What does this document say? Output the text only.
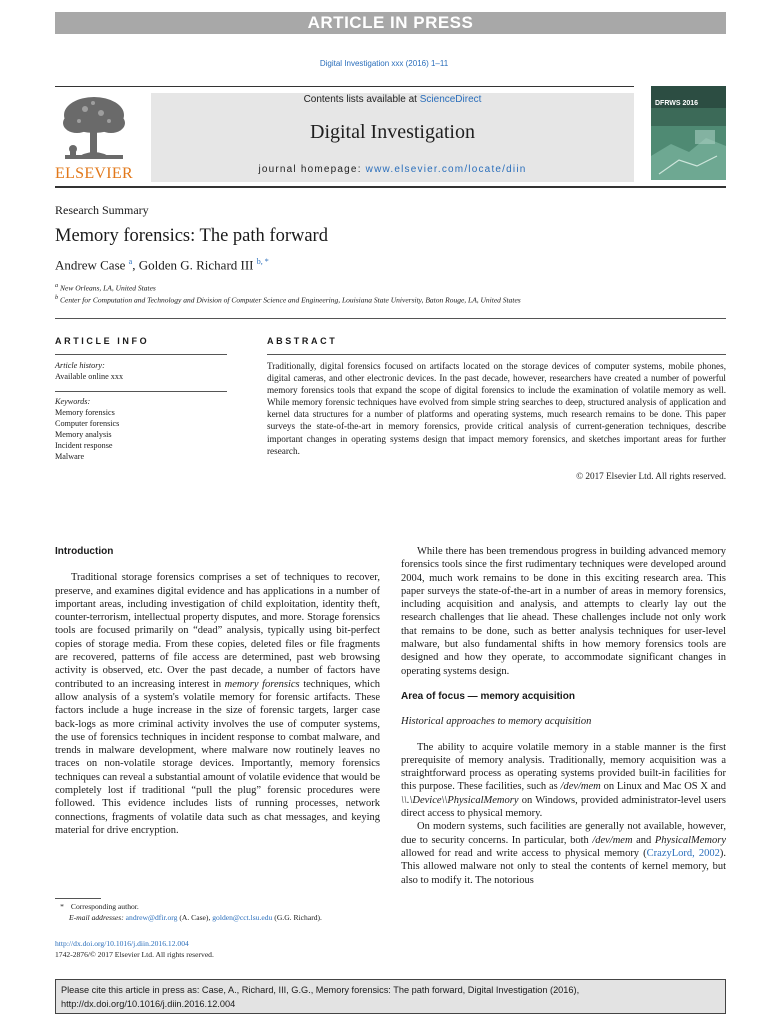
ARTICLE IN PRESS
Digital Investigation xxx (2016) 1–11
ELSEVIER
Contents lists available at ScienceDirect
Digital Investigation
journal homepage: www.elsevier.com/locate/diin
DFRWS 2016
Research Summary
Memory forensics: The path forward
Andrew Case $^a$, Golden G. Richard III $^{b, *}$
$^a$ New Orleans, LA, United States
$^b$ Center for Computation and Technology and Division of Computer Science and Engineering, Louisiana State University, Baton Rouge, LA, United States
ARTICLE INFO
Article history:
Available online xxx
Keywords:
Memory forensics
Computer forensics
Memory analysis
Incident response
Malware
ABSTRACT
Traditionally, digital forensics focused on artifacts located on the storage devices of computer systems, mobile phones, digital cameras, and other electronic devices. In the past decade, however, researchers have created a number of powerful memory forensics tools that expand the scope of digital forensics to include the examination of volatile memory as well. While memory forensic techniques have evolved from simple string searches to deep, structured analysis of application and kernel data structures for a number of platforms and operating systems, much research remains to be done. This paper surveys the state-of-the-art in memory forensics, provide critical analysis of current-generation techniques, describe important changes in operating systems design that impact memory forensics, and sketches important areas for further research.
© 2017 Elsevier Ltd. All rights reserved.
Introduction

Traditional storage forensics comprises a set of techniques to recover, preserve, and examines digital evidence and has applications in a number of important areas, including investigation of child exploitation, identity theft, counter-terrorism, intellectual property disputes, and more. Storage forensics tools are focused primarily on “dead” analysis, typically using bit-perfect copies of storage media. From these copies, deleted files or file fragments are recovered, patterns of file access are determined, past web browsing activity is observed, etc. Over the past decade, a number of factors have contributed to an increasing interest in memory forensics techniques, which allow analysis of a system's volatile memory for forensic artifacts. These factors include a huge increase in the size of forensic targets, larger case back-logs as more criminal activity involves the use of computer systems, the use of forensics techniques in incident response to combat malware, and trends in malware development, where malware now routinely leaves no traces on non-volatile storage devices. Importantly, memory forensics techniques can reveal a substantial amount of volatile evidence that would be completely lost if traditional “pull the plug” forensic procedures were followed. This evidence includes lists of running processes, network connections, fragments of volatile data such as chat messages, and keying material for drive encryption.

While there has been tremendous progress in building advanced memory forensics tools since the first rudimentary techniques were developed around 2004, much work remains to be done in this exciting research area. This paper surveys the state-of-the-art in a number of areas in memory forensics, including acquisition and analysis, and attempts to clearly lay out the research challenges that lie ahead. These challenges include not only work that remains to be done, such as better analysis techniques for user-level malware, but also fundamental shifts in how memory forensics tools are designed and how they operate, to accommodate significant changes in operating systems design.

Area of focus — memory acquisition
Historical approaches to memory acquisition

The ability to acquire volatile memory in a stable manner is the first prerequisite of memory analysis. Traditionally, memory acquisition was a straightforward process as operating systems provided built-in facilities for this purpose. These facilities, such as /dev/mem on Linux and Mac OS X and \\.\Device\\PhysicalMemory on Windows, provided administrator-level users direct access to physical memory.

On modern systems, such facilities are generally not available, however, due to security concerns. In particular, both /dev/mem and PhysicalMemory allowed for read and write access to physical memory (CrazyLord, 2002). This allowed malware not only to steal the contents of kernel memory, but also to modify it. The notorious

* Corresponding author.
E-mail addresses: andrew@dfir.org (A. Case), golden@cct.lsu.edu (G.G. Richard).
http://dx.doi.org/10.1016/j.diin.2016.12.004
1742-2876/© 2017 Elsevier Ltd. All rights reserved.
Please cite this article in press as: Case, A., Richard, III, G.G., Memory forensics: The path forward, Digital Investigation (2016), http://dx.doi.org/10.1016/j.diin.2016.12.004
